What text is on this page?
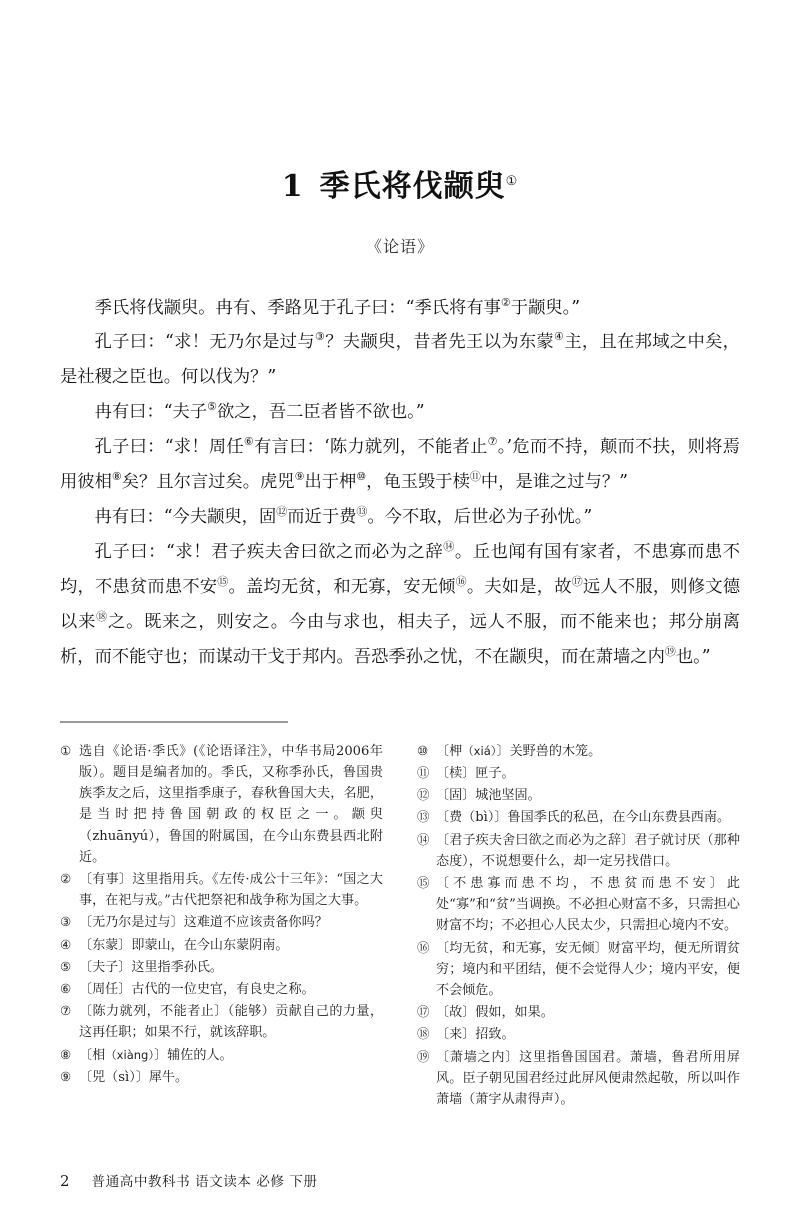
1 季氏将伐颛臾①
《论语》

季氏将伐颛臾。冉有、季路见于孔子曰：“季氏将有事②于颛臾。”

孔子曰：“求！无乃尔是过与③？夫颛臾，昔者先王以为东蒙④主，且在邦域之中矣，是社稷之臣也。何以伐为？”

冉有曰：“夫子⑤欲之，吾二臣者皆不欲也。”

孔子曰：“求！周任⑥有言曰：‘陈力就列，不能者止⑦。’危而不持，颠而不扶，则将焉用彼相⑧矣？且尔言过矣。虎兕⑨出于柙⑩，龟玉毁于椟⑪中，是谁之过与？”

冉有曰：“今夫颛臾，固⑫而近于费⑬。今不取，后世必为子孙忧。”

孔子曰：“求！君子疾夫舍曰欲之而必为之辞⑭。丘也闻有国有家者，不患寡而患不均，不患贫而患不安⑮。盖均无贫，和无寡，安无倾⑯。夫如是，故⑰远人不服，则修文德以来⑱之。既来之，则安之。今由与求也，相夫子，远人不服，而不能来也；邦分崩离析，而不能守也；而谋动干戈于邦内。吾恐季孙之忧，不在颛臾，而在萧墙之内⑲也。”

① 选自《论语·季氏》(《论语译注》，中华书局2006年版）。题目是编者加的。季氏，又称季孙氏，鲁国贵族季友之后，这里指季康子，春秋鲁国大夫，名肥，是当时把持鲁国朝政的权臣之一。颛臾（zhuānyú），鲁国的附属国，在今山东费县西北附近。
② 〔有事〕这里指用兵。《左传·成公十三年》：“国之大事，在祀与戎。”古代把祭祀和战争称为国之大事。
③ 〔无乃尔是过与〕这难道不应该责备你吗？
④ 〔东蒙〕即蒙山，在今山东蒙阴南。
⑤ 〔夫子〕这里指季孙氏。
⑥ 〔周任〕古代的一位史官，有良史之称。
⑦ 〔陈力就列，不能者止〕（能够）贡献自己的力量，这再任职；如果不行，就该辞职。
⑧ 〔相（xiàng）〕辅佐的人。
⑨ 〔兕（sì）〕犀牛。
⑩ 〔柙（xiá）〕关野兽的木笼。
⑪ 〔椟〕匣子。
⑫ 〔固〕城池坚固。
⑬ 〔费（bì）〕鲁国季氏的私邑，在今山东费县西南。
⑭ 〔君子疾夫舍曰欲之而必为之辞〕君子就讨厌（那种态度），不说想要什么，却一定另找借口。
⑮ 〔不患寡而患不均，不患贫而患不安〕此处“寡”和“贫”当调换。不必担心财富不多，只需担心财富不均；不必担心人民太少，只需担心境内不安。
⑯ 〔均无贫，和无寡，安无倾〕财富平均，便无所谓贫穷；境内和平团结，便不会觉得人少；境内平安，便不会倾危。
⑰ 〔故〕假如，如果。
⑱ 〔来〕招致。
⑲ 〔萧墙之内〕这里指鲁国国君。萧墙，鲁君所用屏风。臣子朝见国君经过此屏风便肃然起敬，所以叫作萧墙（萧字从肃得声）。
2 普通高中教科书 语文读本 必修 下册
